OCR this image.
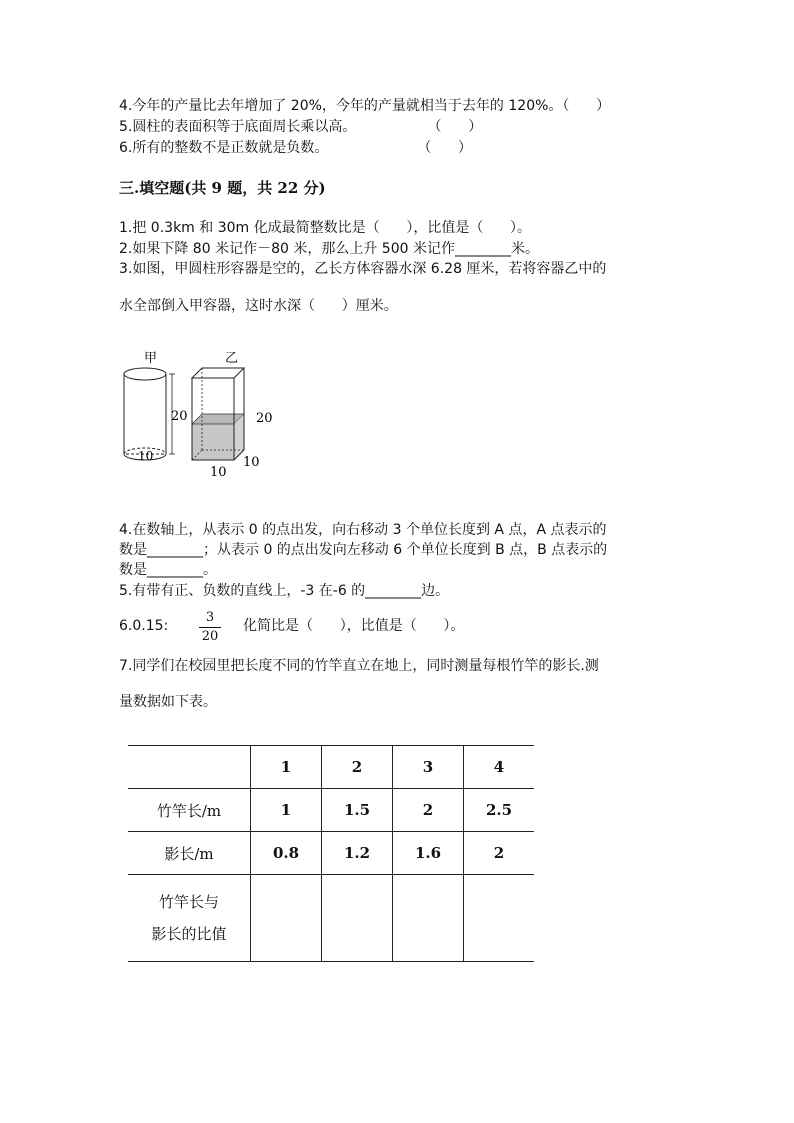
4.今年的产量比去年增加了 20%，今年的产量就相当于去年的 120%。（      ）
5.圆柱的表面积等于底面周长乘以高。                （      ）
6.所有的整数不是正数就是负数。                    （      ）
三.填空题(共 9 题，共 22 分)
1.把 0.3km 和 30m 化成最简整数比是（      ），比值是（      ）。
2.如果下降 80 米记作－80 米，那么上升 500 米记作________米。
3.如图，甲圆柱形容器是空的，乙长方体容器水深 6.28 厘米，若将容器乙中的
水全部倒入甲容器，这时水深（      ）厘米。
甲
10
20
乙
20
10
10
4.在数轴上，从表示 0 的点出发，向右移动 3 个单位长度到 A 点，A 点表示的
数是________；从表示 0 的点出发向左移动 6 个单位长度到 B 点，B 点表示的
数是________。
5.有带有正、负数的直线上，-3 在-6 的________边。
6.0.15:
3
20
化简比是（      ），比值是（      ）。
7.同学们在校园里把长度不同的竹竿直立在地上，同时测量每根竹竿的影长.测
量数据如下表。
	1	2	3	4
竹竿长/m	1	1.5	2	2.5
影长/m	0.8	1.2	1.6	2
竹竿长与
影长的比值				
